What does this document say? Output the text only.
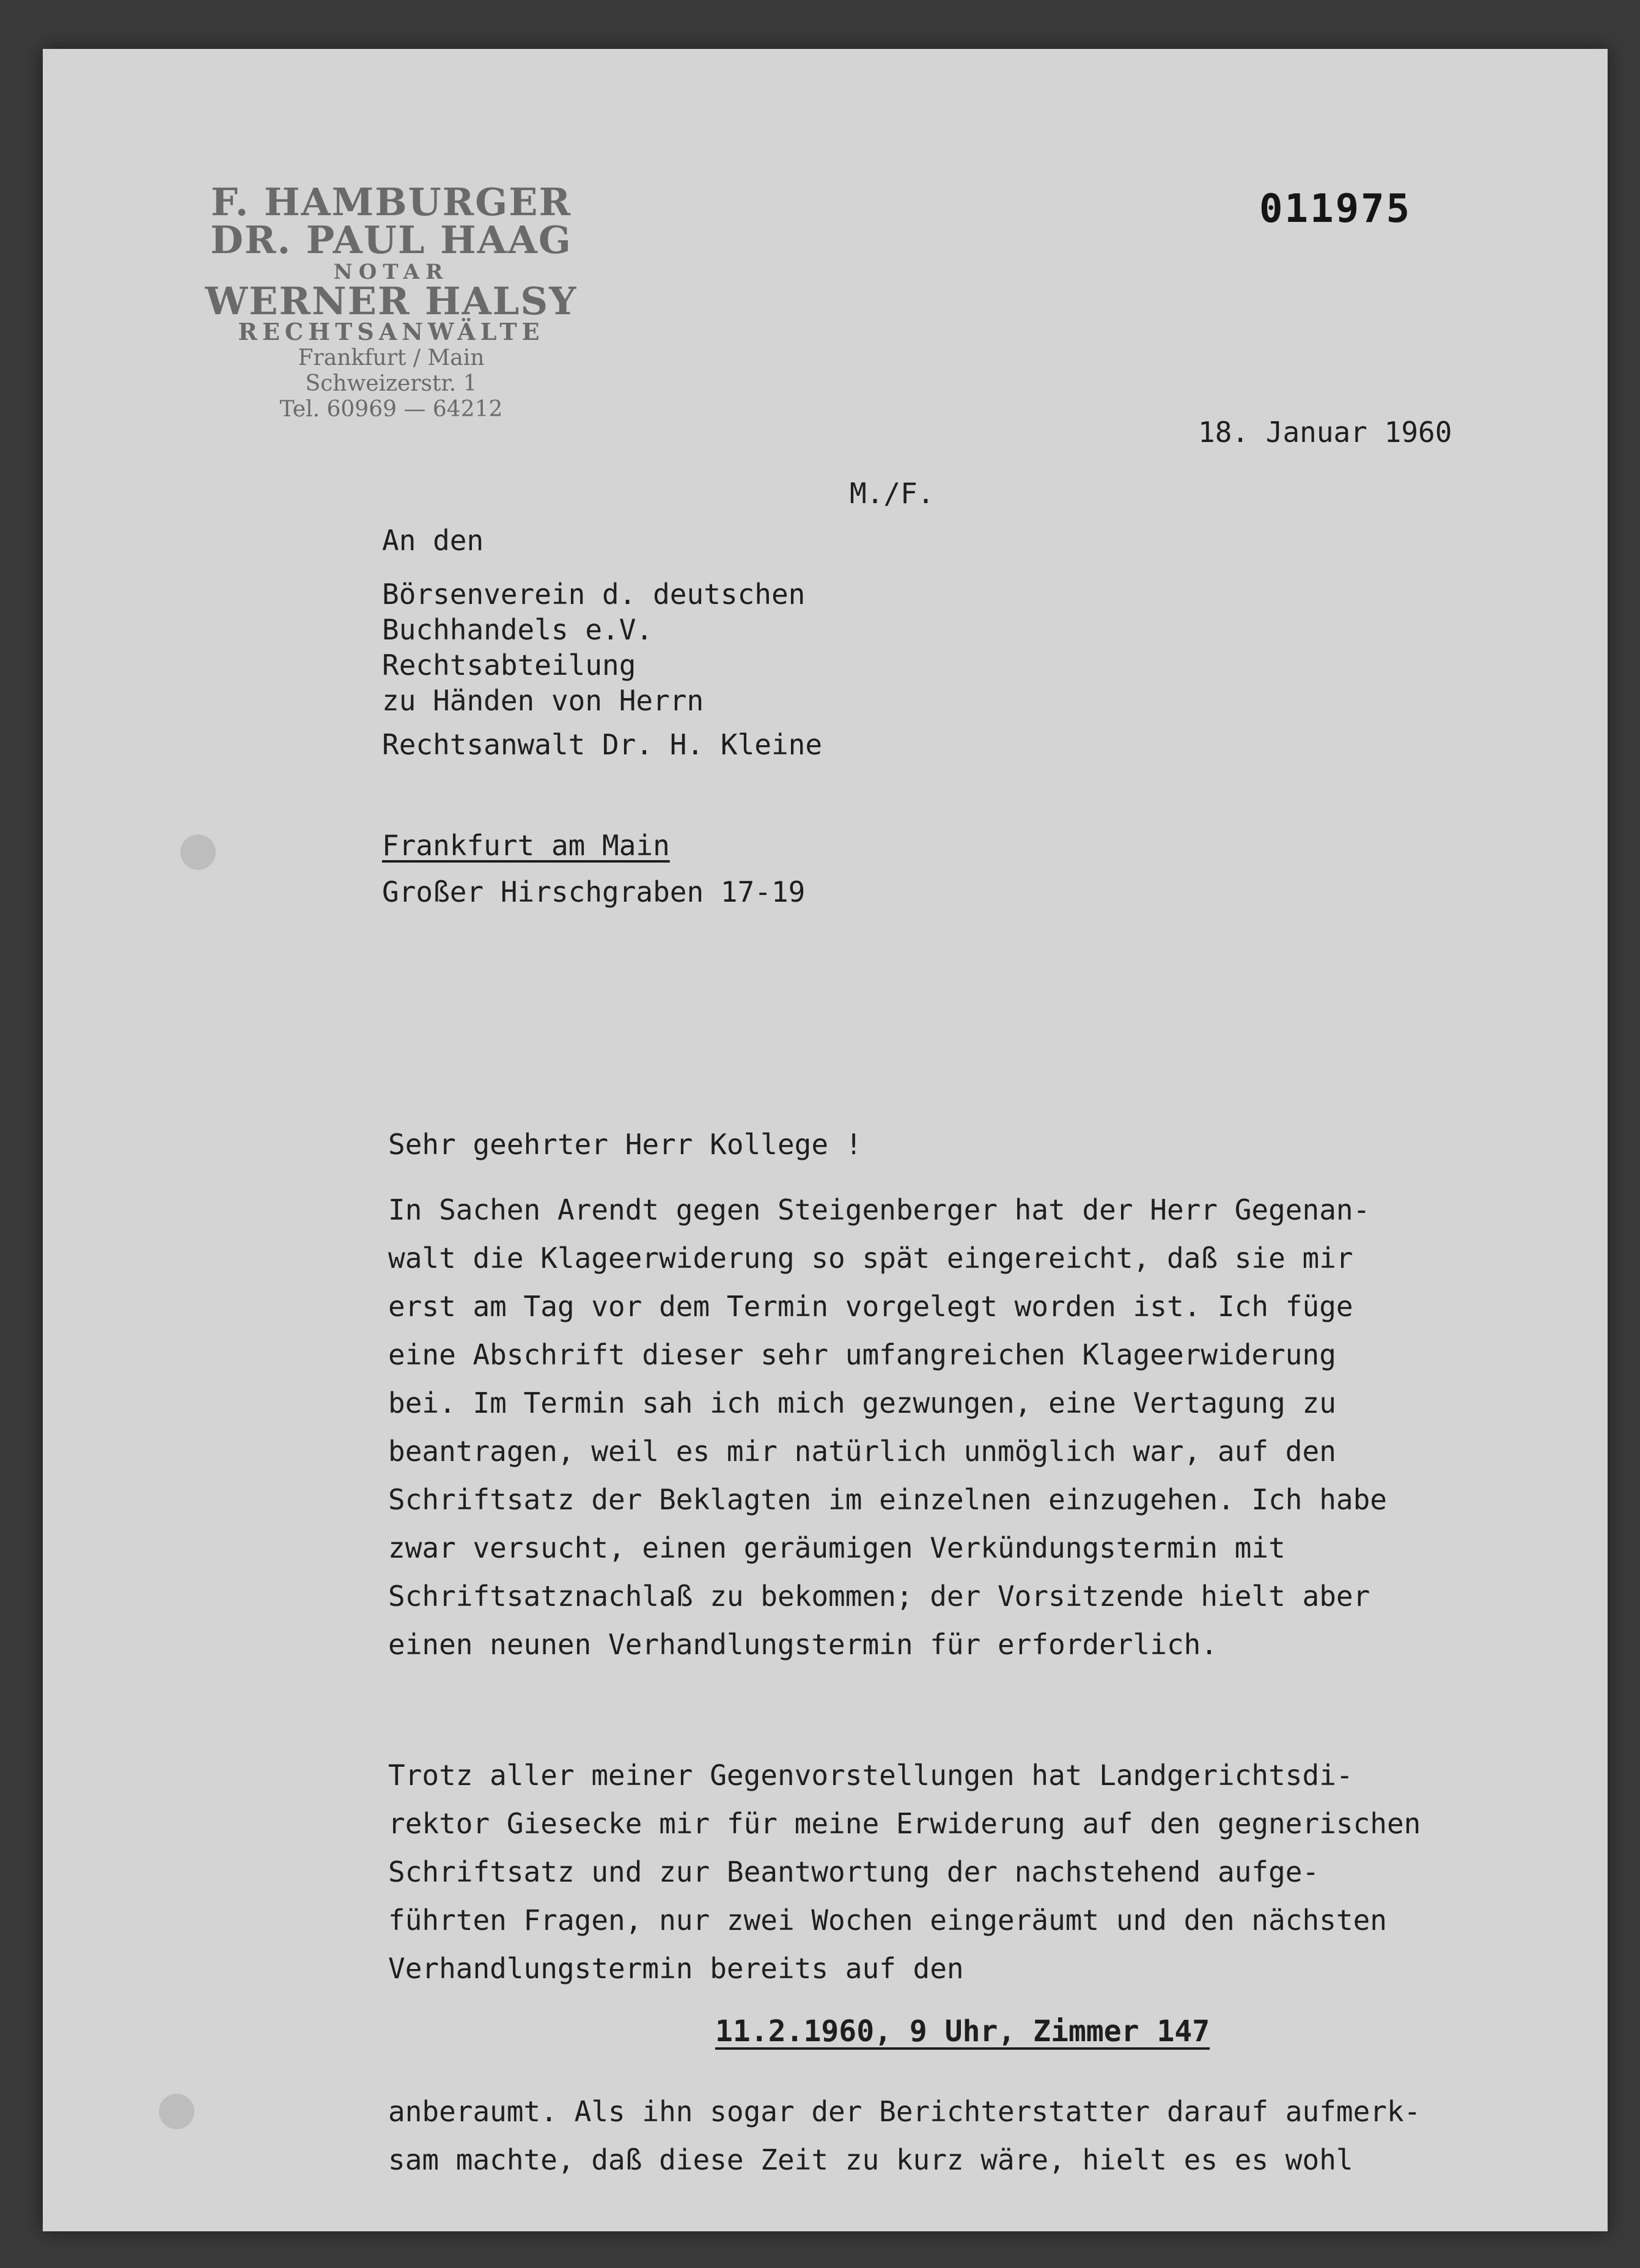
F. HAMBURGER
DR. PAUL HAAG
NOTAR
WERNER HALSY
RECHTSANWÄLTE
Frankfurt / Main
Schweizerstr. 1
Tel. 60969 — 64212
011975
18. Januar 1960
M./F.
An den
Börsenverein d. deutschen
Buchhandels e.V.
Rechtsabteilung
zu Händen von Herrn
Rechtsanwalt Dr. H. Kleine
Frankfurt am Main
Großer Hirschgraben 17-19
Sehr geehrter Herr Kollege !
In Sachen Arendt gegen Steigenberger hat der Herr Gegenan-
walt die Klageerwiderung so spät eingereicht, daß sie mir
erst am Tag vor dem Termin vorgelegt worden ist. Ich füge
eine Abschrift dieser sehr umfangreichen Klageerwiderung
bei. Im Termin sah ich mich gezwungen, eine Vertagung zu
beantragen, weil es mir natürlich unmöglich war, auf den
Schriftsatz der Beklagten im einzelnen einzugehen. Ich habe
zwar versucht, einen geräumigen Verkündungstermin mit
Schriftsatznachlaß zu bekommen; der Vorsitzende hielt aber
einen neunen Verhandlungstermin für erforderlich.
Trotz aller meiner Gegenvorstellungen hat Landgerichtsdi-
rektor Giesecke mir für meine Erwiderung auf den gegnerischen
Schriftsatz und zur Beantwortung der nachstehend aufge-
führten Fragen, nur zwei Wochen eingeräumt und den nächsten
Verhandlungstermin bereits auf den
11.2.1960, 9 Uhr, Zimmer 147
anberaumt. Als ihn sogar der Berichterstatter darauf aufmerk-
sam machte, daß diese Zeit zu kurz wäre, hielt es es wohl
